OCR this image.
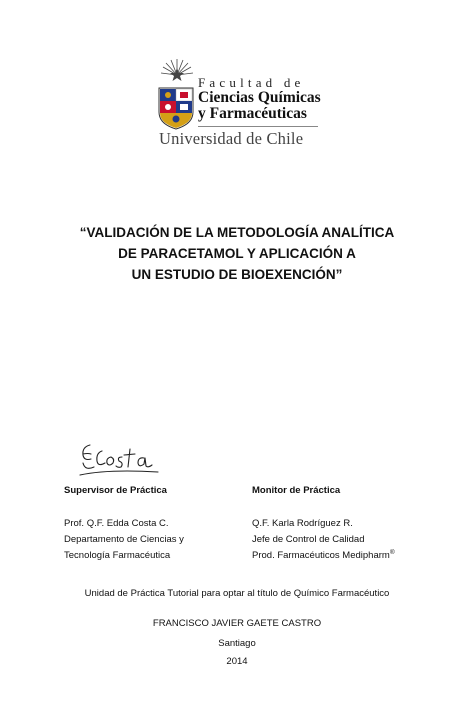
Facultad de
Ciencias Químicas
y Farmacéuticas
Universidad de Chile
“VALIDACIÓN DE LA METODOLOGÍA ANALÍTICA
DE PARACETAMOL Y APLICACIÓN A
UN ESTUDIO DE BIOEXENCIÓN”
Supervisor de Práctica
Prof. Q.F. Edda Costa C.
Departamento de Ciencias y
Tecnología Farmacéutica
Monitor de Práctica
Q.F. Karla Rodríguez R.
Jefe de Control de Calidad
Prod. Farmacéuticos Medipharm®
Unidad de Práctica Tutorial para optar al título de Químico Farmacéutico
FRANCISCO JAVIER GAETE CASTRO
Santiago
2014
